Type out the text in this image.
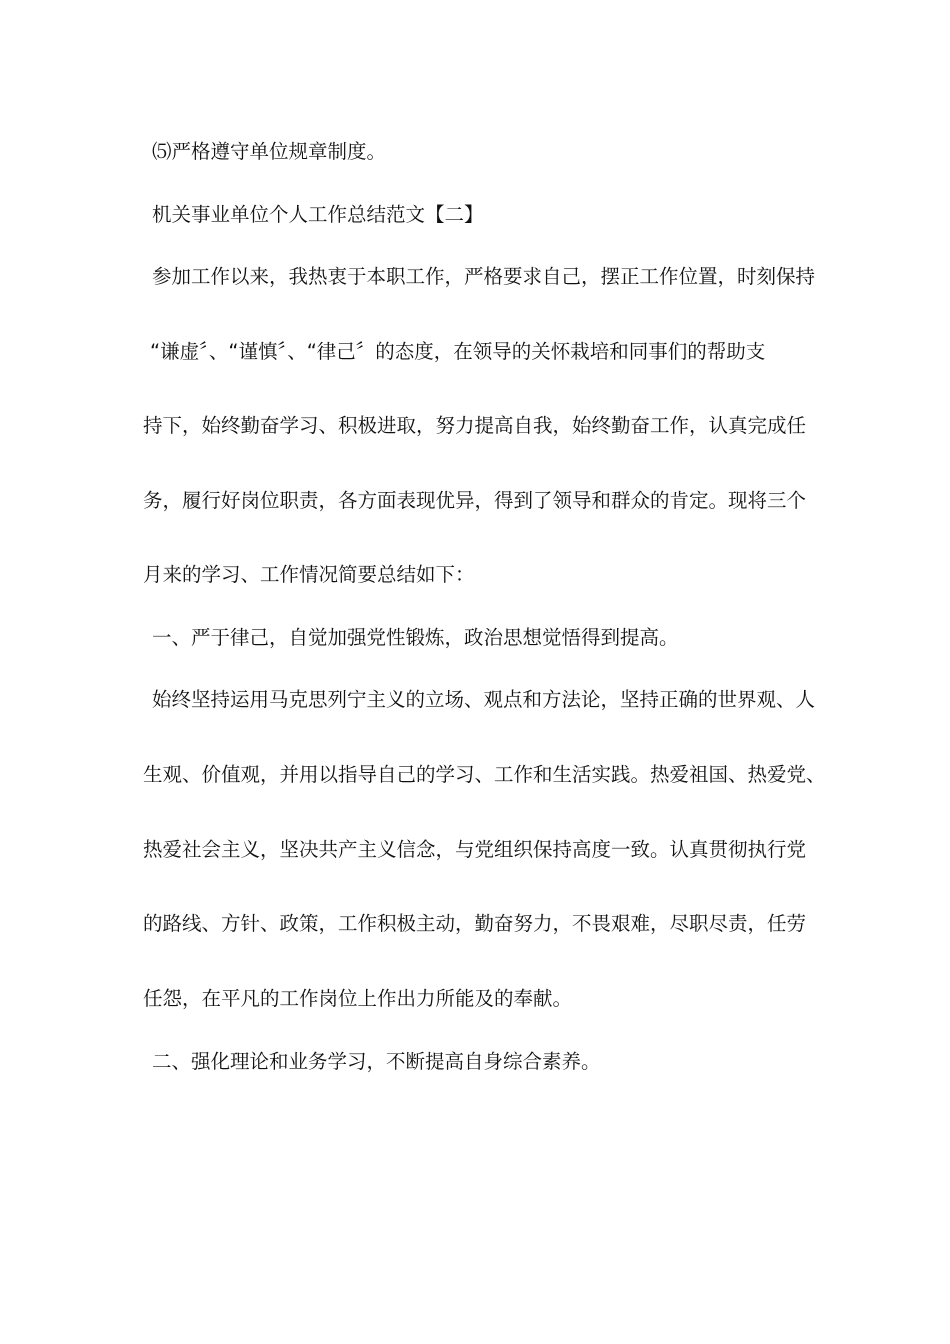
⑸严格遵守单位规章制度。
机关事业单位个人工作总结范文【二】
参加工作以来，我热衷于本职工作，严格要求自己，摆正工作位置，时刻保持
“谦虚〞、“谨慎〞、“律己〞的态度，在领导的关怀栽培和同事们的帮助支
持下，始终勤奋学习、积极进取，努力提高自我，始终勤奋工作，认真完成任
务，履行好岗位职责，各方面表现优异，得到了领导和群众的肯定。现将三个
月来的学习、工作情况简要总结如下：
一、严于律己，自觉加强党性锻炼，政治思想觉悟得到提高。
始终坚持运用马克思列宁主义的立场、观点和方法论，坚持正确的世界观、人
生观、价值观，并用以指导自己的学习、工作和生活实践。热爱祖国、热爱党、
热爱社会主义，坚决共产主义信念，与党组织保持高度一致。认真贯彻执行党
的路线、方针、政策，工作积极主动，勤奋努力，不畏艰难，尽职尽责，任劳
任怨，在平凡的工作岗位上作出力所能及的奉献。
二、强化理论和业务学习，不断提高自身综合素养。
